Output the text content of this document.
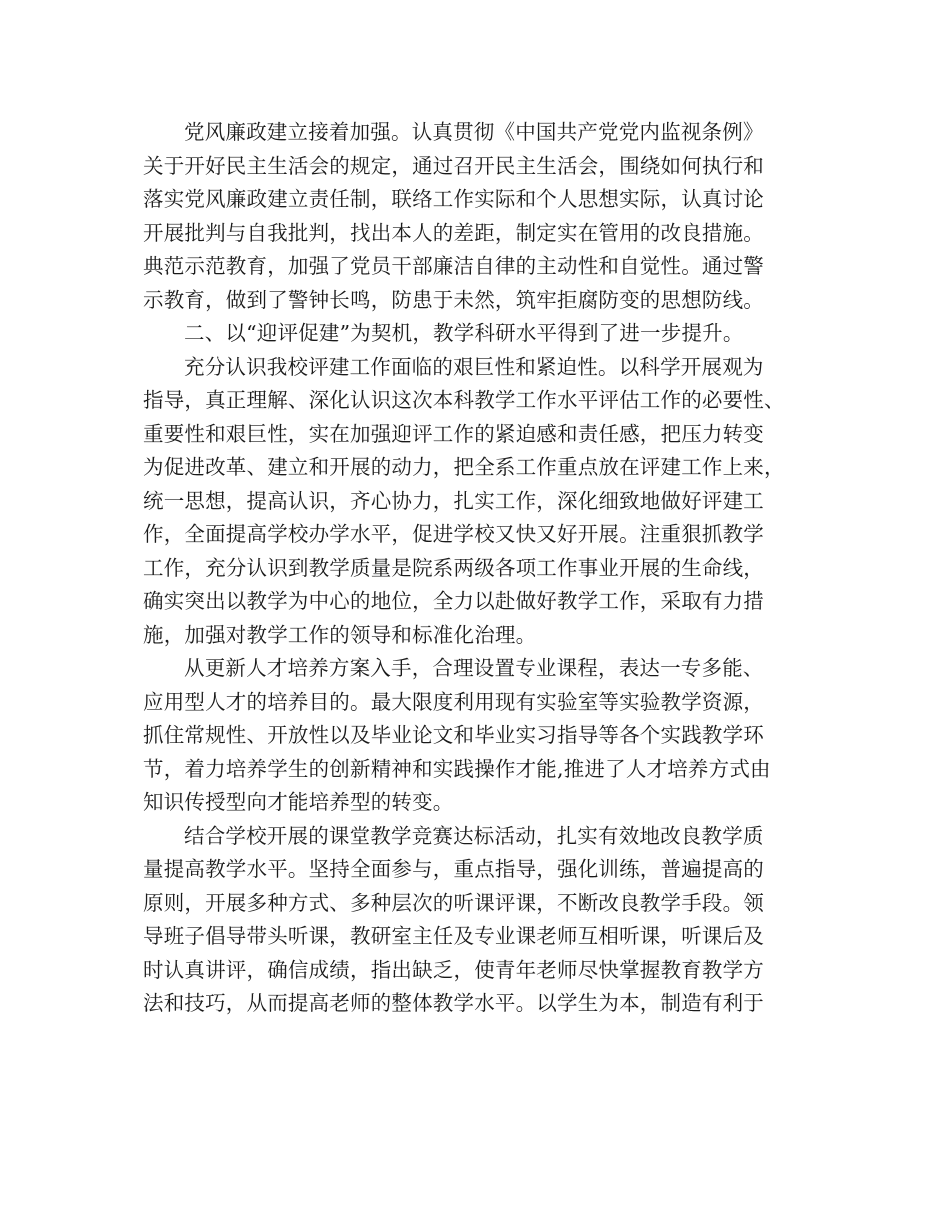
党风廉政建立接着加强。认真贯彻《中国共产党党内监视条例》
关于开好民主生活会的规定，通过召开民主生活会，围绕如何执行和
落实党风廉政建立责任制，联络工作实际和个人思想实际，认真讨论
开展批判与自我批判，找出本人的差距，制定实在管用的改良措施。
典范示范教育，加强了党员干部廉洁自律的主动性和自觉性。通过警
示教育，做到了警钟长鸣，防患于未然，筑牢拒腐防变的思想防线。
二、以“迎评促建”为契机，教学科研水平得到了进一步提升。
充分认识我校评建工作面临的艰巨性和紧迫性。以科学开展观为
指导，真正理解、深化认识这次本科教学工作水平评估工作的必要性、
重要性和艰巨性，实在加强迎评工作的紧迫感和责任感，把压力转变
为促进改革、建立和开展的动力，把全系工作重点放在评建工作上来，
统一思想，提高认识，齐心协力，扎实工作，深化细致地做好评建工
作，全面提高学校办学水平，促进学校又快又好开展。注重狠抓教学
工作，充分认识到教学质量是院系两级各项工作事业开展的生命线，
确实突出以教学为中心的地位，全力以赴做好教学工作，采取有力措
施，加强对教学工作的领导和标准化治理。
从更新人才培养方案入手，合理设置专业课程，表达一专多能、
应用型人才的培养目的。最大限度利用现有实验室等实验教学资源，
抓住常规性、开放性以及毕业论文和毕业实习指导等各个实践教学环
节，着力培养学生的创新精神和实践操作才能,推进了人才培养方式由
知识传授型向才能培养型的转变。
结合学校开展的课堂教学竞赛达标活动，扎实有效地改良教学质
量提高教学水平。坚持全面参与，重点指导，强化训练，普遍提高的
原则，开展多种方式、多种层次的听课评课，不断改良教学手段。领
导班子倡导带头听课，教研室主任及专业课老师互相听课，听课后及
时认真讲评，确信成绩，指出缺乏，使青年老师尽快掌握教育教学方
法和技巧，从而提高老师的整体教学水平。以学生为本，制造有利于
